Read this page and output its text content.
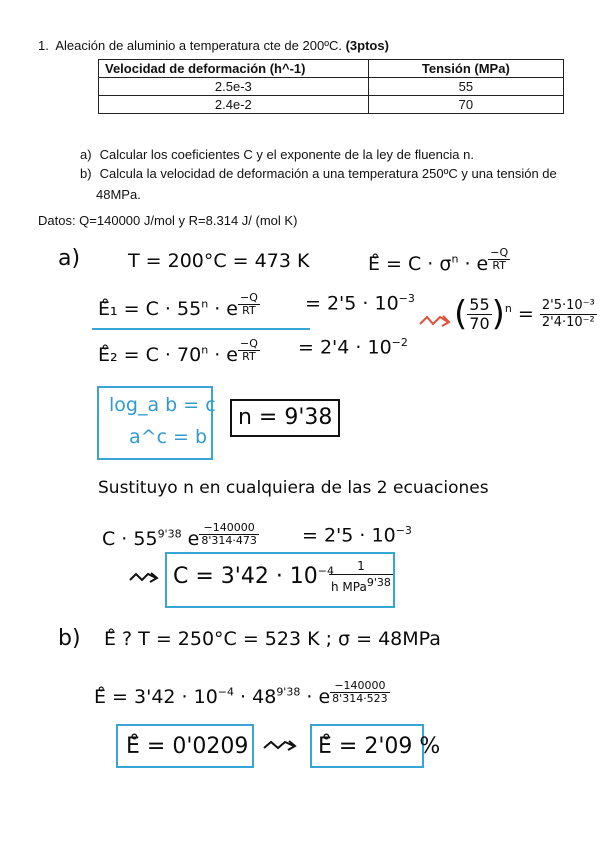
1. Aleación de aluminio a temperatura cte de 200ºC. (3ptos)
Velocidad de deformación (h^-1)	Tensión (MPa)
2.5e-3	55
2.4e-2	70
a) Calcular los coeficientes C y el exponente de la ley de fluencia n.
b) Calcula la velocidad de deformación a una temperatura 250ºC y una tensión de
48MPa.
Datos: Q=140000 J/mol y R=8.314 J/ (mol K)
a)	T = 200°C = 473 K	Ε̊ = $C \cdot \sigma^n \cdot e$ $^{\frac{-Q}{RT}}$
Ε̊₁ = $C \cdot 55^n \cdot e$ $^{\frac{-Q}{RT}} = 2'5 \cdot 10^{-3}$
Ε̊₂ = $C \cdot 70^n \cdot e$ $^{\frac{-Q}{RT}} = 2'4 \cdot 10^{-2}$
( $\frac{55}{70} )^n = \frac{\text{2'5·10⁻³}}{\text{2'4·10⁻²}}$
log_a b = c
a^c = b
n = 9'38
Sustituyo n en cualquiera de las 2 ecuaciones
$C \cdot 55^{9'38}$ e $^{\frac{-140000}{8'314\cdot 473}} = 2'5 \cdot 10^{-3}$
$C = 3'42 \cdot 10^{-4}$
$\frac{1}{h MPa^{9'38}}$
b) Ε̊ ? T = 250°C = 523 K ; σ = 48MPa
Ε̊ = $3'42 \cdot 10^{-4} \cdot 48^{9'38} \cdot e$ $^{\frac{-140000}{8'314\cdot 523}}$
Ε̊ = 0'0209	Ε̊ = 2'09 %
